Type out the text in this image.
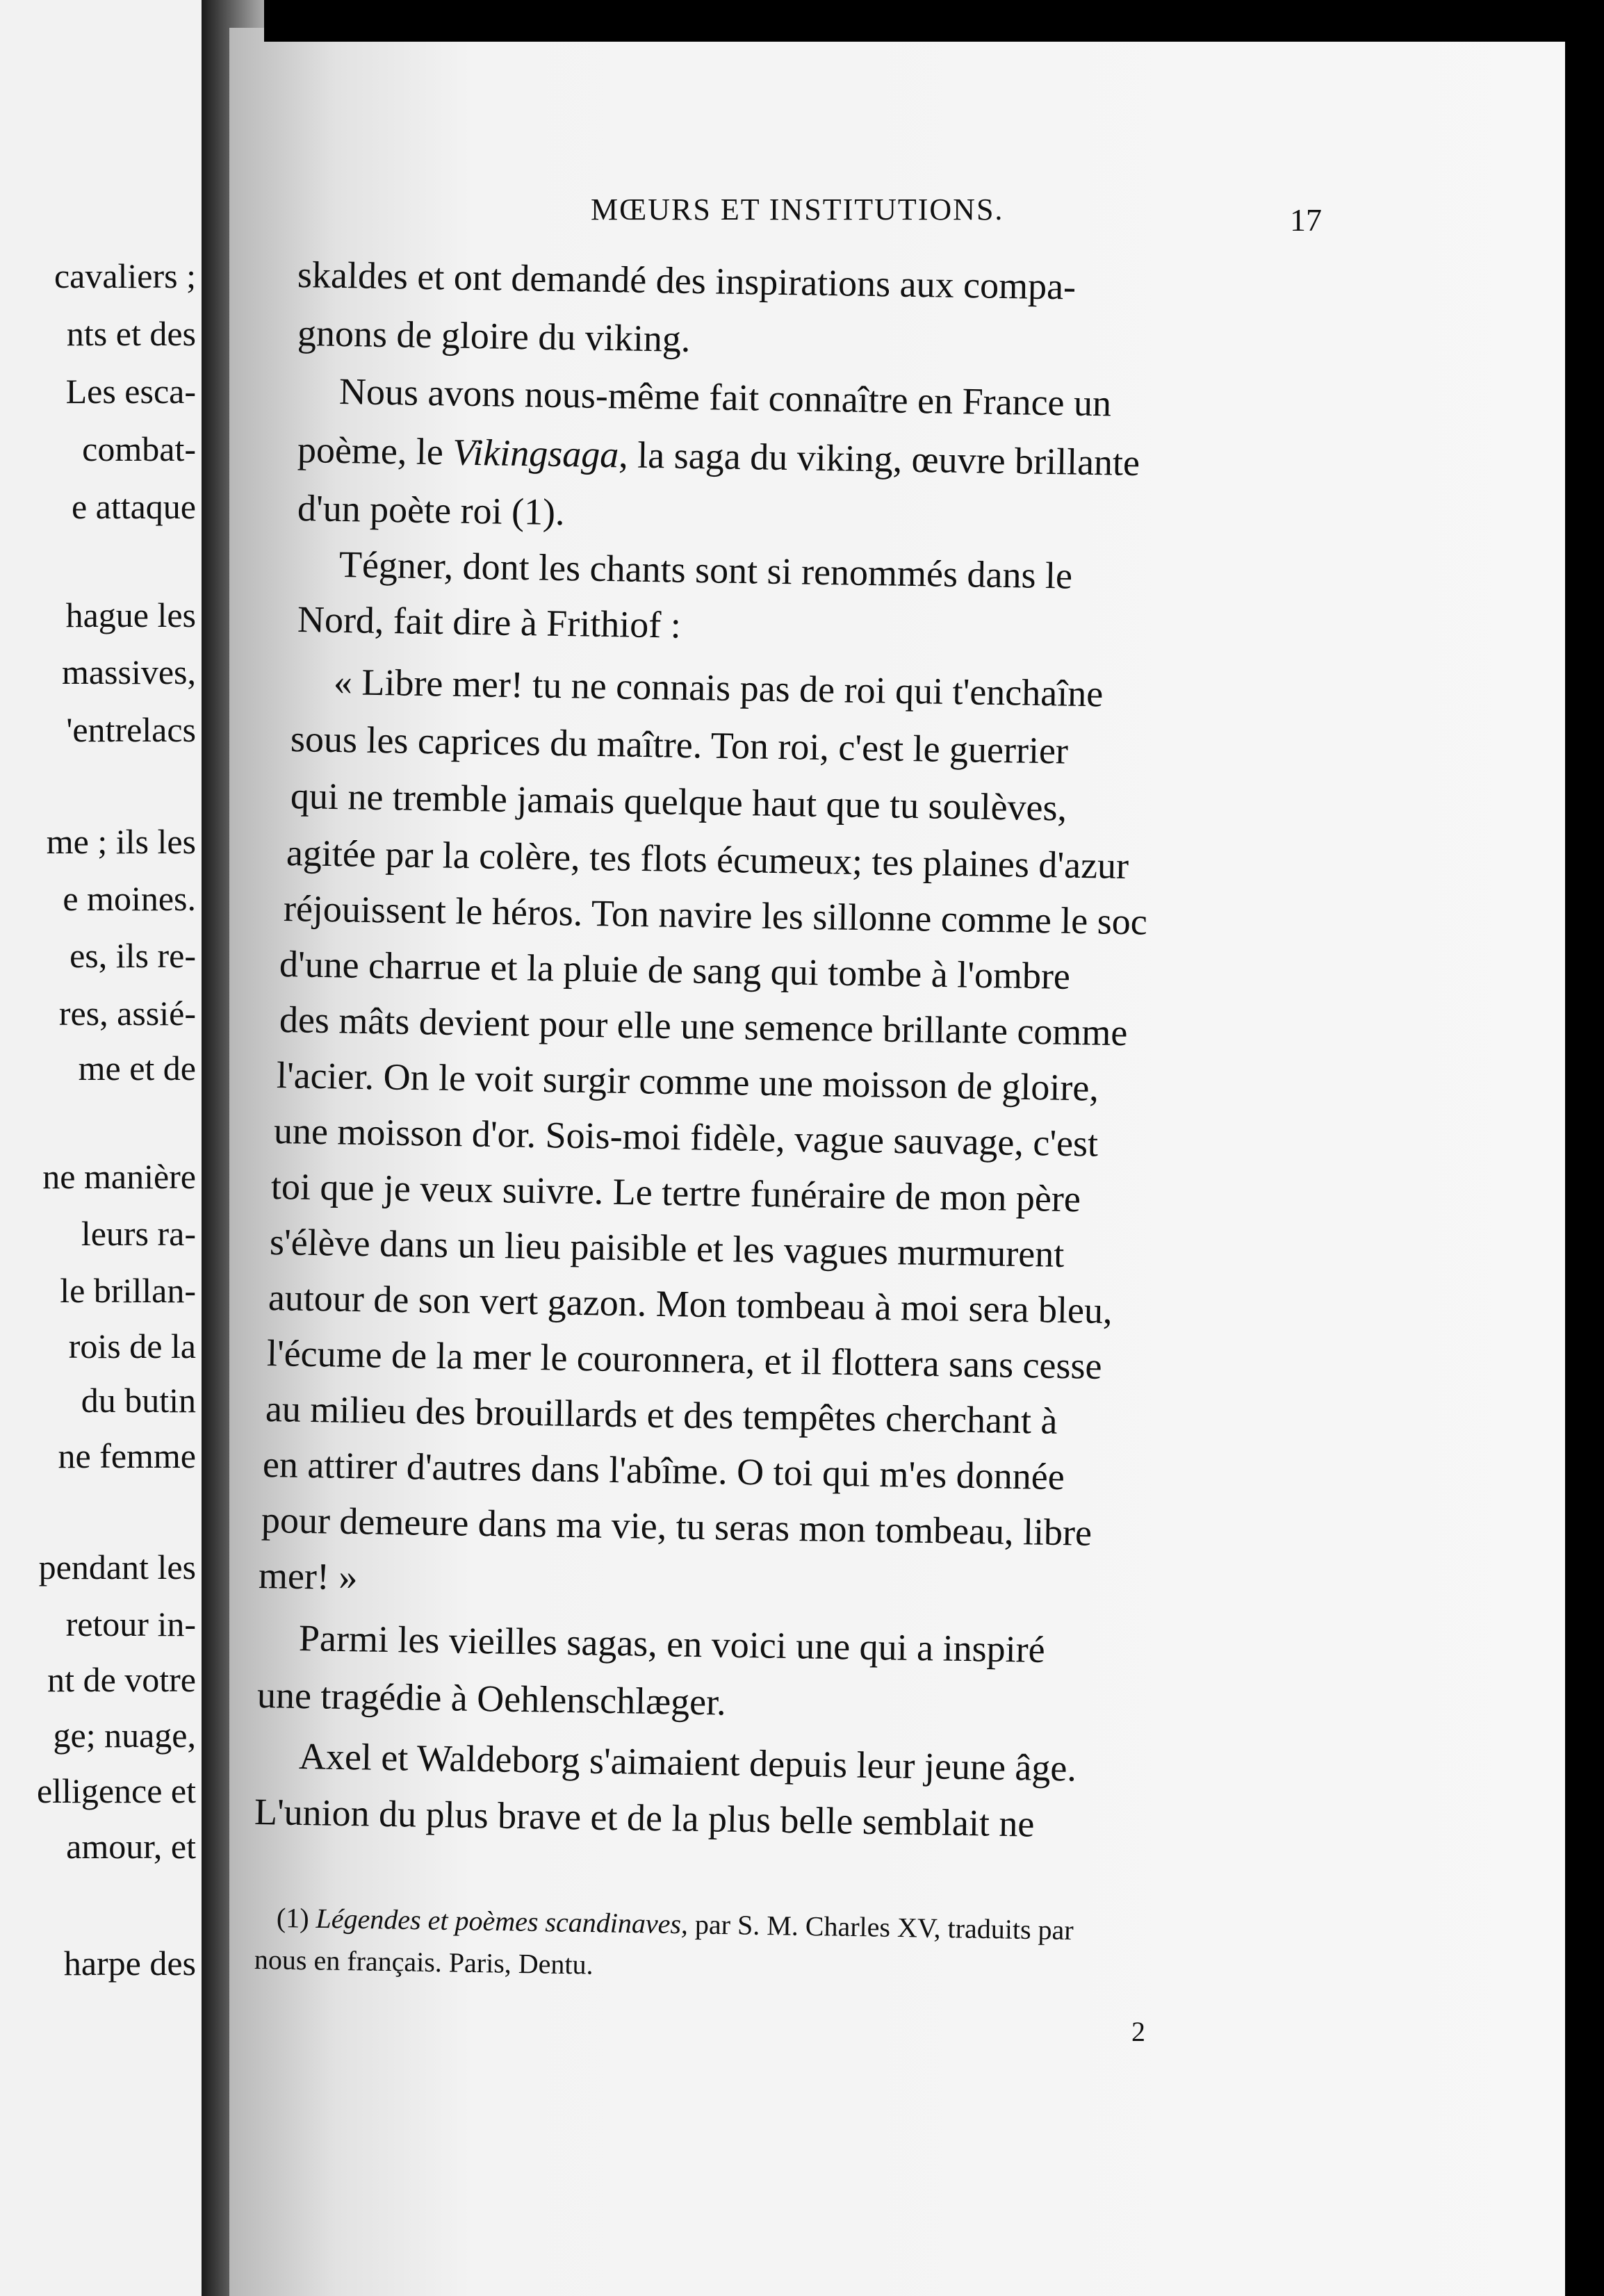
cavaliers ;
nts et des
Les esca-
combat-
e attaque
hague les
massives,
'entrelacs
me ; ils les
e moines.
es, ils re-
res, assié-
me et de
ne manière
leurs ra-
le brillan-
rois de la
du butin
ne femme
pendant les
retour in-
nt de votre
ge; nuage,
elligence et
amour, et
harpe des
MŒURS ET INSTITUTIONS.	17
skaldes et ont demandé des inspirations aux compa-
gnons de gloire du viking.
Nous avons nous-même fait connaître en France un
poème, le Vikingsaga, la saga du viking, œuvre brillante
d'un poète roi (1).
Tégner, dont les chants sont si renommés dans le
Nord, fait dire à Frithiof :
« Libre mer! tu ne connais pas de roi qui t'enchaîne
sous les caprices du maître. Ton roi, c'est le guerrier
qui ne tremble jamais quelque haut que tu soulèves,
agitée par la colère, tes flots écumeux; tes plaines d'azur
réjouissent le héros. Ton navire les sillonne comme le soc
d'une charrue et la pluie de sang qui tombe à l'ombre
des mâts devient pour elle une semence brillante comme
l'acier. On le voit surgir comme une moisson de gloire,
une moisson d'or. Sois-moi fidèle, vague sauvage, c'est
toi que je veux suivre. Le tertre funéraire de mon père
s'élève dans un lieu paisible et les vagues murmurent
autour de son vert gazon. Mon tombeau à moi sera bleu,
l'écume de la mer le couronnera, et il flottera sans cesse
au milieu des brouillards et des tempêtes cherchant à
en attirer d'autres dans l'abîme. O toi qui m'es donnée
pour demeure dans ma vie, tu seras mon tombeau, libre
mer! »
Parmi les vieilles sagas, en voici une qui a inspiré
une tragédie à Oehlenschlæger.
Axel et Waldeborg s'aimaient depuis leur jeune âge.
L'union du plus brave et de la plus belle semblait ne
(1) Légendes et poèmes scandinaves, par S. M. Charles XV, traduits par
nous en français. Paris, Dentu.
2
